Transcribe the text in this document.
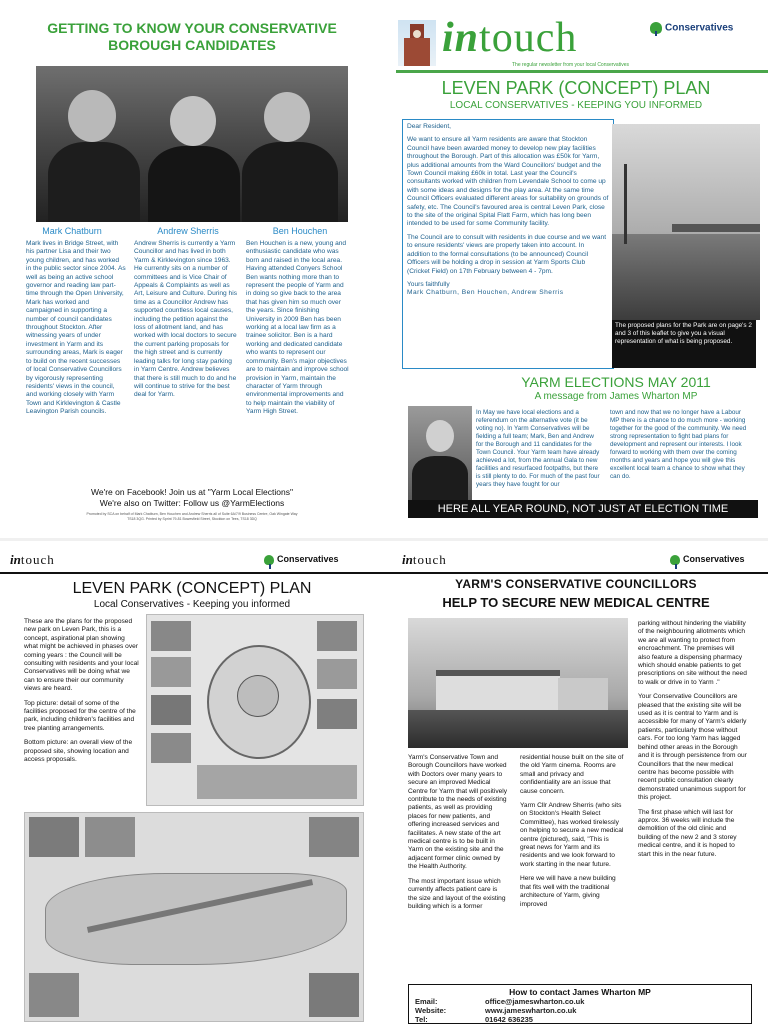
GETTING TO KNOW YOUR CONSERVATIVE
BOROUGH CANDIDATES
Mark Chatburn	Andrew Sherris	Ben Houchen
Mark lives in Bridge Street, with his partner Lisa and their two young children, and has worked in the public sector since 2004. As well as being an active school governor and reading law part-time through the Open University, Mark has worked and campaigned in supporting a number of council candidates throughout Stockton. After witnessing years of under investment in Yarm and its surrounding areas, Mark is eager to build on the recent successes of local Conservative Councillors by vigorously representing residents' views in the council, and working closely with Yarm Town and Kirklevington & Castle Leavington Parish councils.
Andrew Sherris is currently a Yarm Councillor and has lived in both Yarm & Kirklevington since 1963. He currently sits on a number of committees and is Vice Chair of Appeals & Complaints as well as Art, Leisure and Culture. During his time as a Councillor Andrew has supported countless local causes, including the petition against the loss of allotment land, and has worked with local doctors to secure the current parking proposals for the high street and is currently leading talks for long stay parking in Yarm Centre. Andrew believes that there is still much to do and he will continue to strive for the best deal for Yarm.
Ben Houchen is a new, young and enthusiastic candidate who was born and raised in the local area. Having attended Conyers School Ben wants nothing more than to represent the people of Yarm and in doing so give back to the area that has given him so much over the years. Since finishing University in 2009 Ben has been working at a local law firm as a trainee solicitor. Ben is a hard working and dedicated candidate who wants to represent our community. Ben's major objectives are to maintain and improve school provision in Yarm, maintain the character of Yarm through environmental improvements and to help maintain the viability of Yarm High Street.
We're on Facebook! Join us at "Yarm Local Elections"
We're also on Twitter: Follow us @YarmElections
Promoted by SCA on behalf of Mark Chatburn, Ben Houchen and Andrew Sherris all of Suite 6A/7/9 Business Centre, Oak Wingate Way
TS18 3QG. Printed by Sprint 79-81 Bowesfield Street, Stockton on Tees, TS18 3DQ
intouch
The regular newsletter from your local Conservatives
Conservatives
LEVEN PARK (CONCEPT) PLAN
LOCAL CONSERVATIVES - KEEPING YOU INFORMED
Dear Resident,
We want to ensure all Yarm residents are aware that Stockton Council have been awarded money to develop new play facilities throughout the Borough. Part of this allocation was £50k for Yarm, plus additional amounts from the Ward Councillors' budget and the Town Council making £60k in total. Last year the Council's consultants worked with children from Levendale School to come up with some ideas and designs for the play area. At the same time Council Officers evaluated different areas for suitability on grounds of safety, etc. The Council's favoured area is central Leven Park, close to the site of the original Spital Flatt Farm, which has long been intended to be used for some Community facility.
The Council are to consult with residents in due course and we want to ensure residents' views are properly taken into account. In addition to the formal consultations (to be announced) Council Officers will be holding a drop in session at Yarm Sports Club (Cricket Field) on 17th February between 4 - 7pm.
Yours faithfully
Mark Chatburn, Ben Houchen, Andrew Sherris
The proposed plans for the Park are on page's 2 and 3 of this leaflet to give you a visual representation of what is being proposed.
YARM ELECTIONS MAY 2011
A message from James Wharton MP
In May we have local elections and a referendum on the alternative vote (it be voting no). In Yarm Conservatives will be fielding a full team; Mark, Ben and Andrew for the Borough and 11 candidates for the Town Council. Your Yarm team have already achieved a lot, from the annual Gala to new facilities and resurfaced footpaths, but there is still plenty to do. For much of the past four years they have fought for our
town and now that we no longer have a Labour MP there is a chance to do much more - working together for the good of the community. We need strong representation to fight bad plans for development and represent our interests. I look forward to working with them over the coming months and years and hope you will give this excellent local team a chance to show what they can do.
HERE ALL YEAR ROUND, NOT JUST AT ELECTION TIME
intouch	Conservatives
LEVEN PARK (CONCEPT) PLAN
Local Conservatives - Keeping you informed
These are the plans for the proposed new park on Leven Park, this is a concept, aspirational plan showing what might be achieved in phases over coming years : the Council will be consulting with residents and your local Conservatives will be doing what we can to ensure their our community views are heard.
Top picture: detail of some of the facilities proposed for the centre of the park, including children's facilities and tree planting arrangements.
Bottom picture: an overall view of the proposed site, showing location and access proposals.
intouch	Conservatives
YARM'S CONSERVATIVE COUNCILLORS
HELP TO SECURE NEW MEDICAL CENTRE
Yarm's Conservative Town and Borough Councillors have worked with Doctors over many years to secure an improved Medical Centre for Yarm that will positively contribute to the needs of existing patients, as well as providing places for new patients, and offering increased services and facilitates. A new state of the art medical centre is to be built in Yarm on the existing site and the adjacent former clinic owned by the Health Authority.
The most important issue which currently affects patient care is the size and layout of the existing building which is a former
residential house built on the site of the old Yarm cinema. Rooms are small and privacy and confidentiality are an issue that cause concern.
Yarm Cllr Andrew Sherris (who sits on Stockton's Health Select Committee), has worked tirelessly on helping to secure a new medical centre (pictured), said, "This is great news for Yarm and its residents and we look forward to work starting in the near future.
Here we will have a new building that fits well with the traditional architecture of Yarm, giving improved
parking without hindering the viability of the neighbouring allotments which we are all wanting to protect from encroachment. The premises will also feature a dispensing pharmacy which should enable patients to get prescriptions on site without the need to walk or drive in to Yarm ."
Your Conservative Councillors are pleased that the existing site will be used as it is central to Yarm and is accessible for many of Yarm's elderly patients, particularly those without cars. For too long Yarm has lagged behind other areas in the Borough and it is through persistence from our Councillors that the new medical centre has become possible with recent public consultation clearly demonstrated unanimous support for this project.
The first phase which will last for approx. 36 weeks will include the demolition of the old clinic and building of the new 2 and 3 storey medical centre, and it is hoped to start this in the near future.
How to contact James Wharton MP
Email:	office@jameswharton.co.uk
Website:	www.jameswharton.co.uk
Tel:	01642 636235
